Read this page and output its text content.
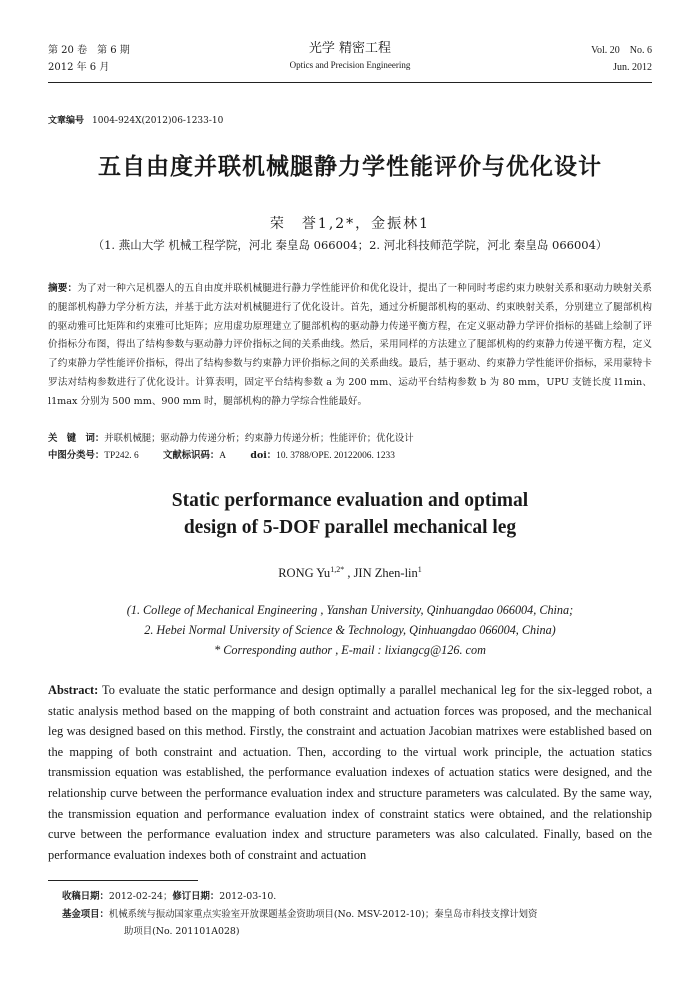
第 20 卷　第 6 期
2012 年 6 月
光学 精密工程
Optics and Precision Engineering
Vol. 20　No. 6
Jun. 2012
文章编号 1004-924X(2012)06-1233-10
五自由度并联机械腿静力学性能评价与优化设计
荣　誉1,2*，金振林1
（1. 燕山大学 机械工程学院，河北 秦皇岛 066004；2. 河北科技师范学院，河北 秦皇岛 066004）
摘要：为了对一种六足机器人的五自由度并联机械腿进行静力学性能评价和优化设计，提出了一种同时考虑约束力映射关系和驱动力映射关系的腿部机构静力学分析方法，并基于此方法对机械腿进行了优化设计。首先，通过分析腿部机构的驱动、约束映射关系，分别建立了腿部机构的驱动雅可比矩阵和约束雅可比矩阵；应用虚功原理建立了腿部机构的驱动静力传递平衡方程，在定义驱动静力学评价指标的基础上绘制了评价指标分布图，得出了结构参数与驱动静力评价指标之间的关系曲线。然后，采用同样的方法建立了腿部机构的约束静力传递平衡方程，定义了约束静力学性能评价指标，得出了结构参数与约束静力评价指标之间的关系曲线。最后，基于驱动、约束静力学性能评价指标，采用蒙特卡罗法对结构参数进行了优化设计。计算表明，固定平台结构参数 a 为 200 mm、运动平台结构参数 b 为 80 mm，UPU 支链长度 l1min、l1max 分别为 500 mm、900 mm 时，腿部机构的静力学综合性能最好。
关　键　词：并联机械腿；驱动静力传递分析；约束静力传递分析；性能评价；优化设计
中图分类号：TP242. 6	文献标识码：A	doi：10. 3788/OPE. 20122006. 1233
Static performance evaluation and optimal
design of 5-DOF parallel mechanical leg
RONG $Yu^{1,2*}$ , JIN Zhen-lin$^1$
(1. College of Mechanical Engineering , Yanshan University, Qinhuangdao 066004, China;
2. Hebei Normal University of Science & Technology, Qinhuangdao 066004, China)
* Corresponding author , E-mail : lixiangcg@126. com
Abstract: To evaluate the static performance and design optimally a parallel mechanical leg for the six-legged robot, a static analysis method based on the mapping of both constraint and actuation forces was proposed, and the mechanical leg was designed based on this method. Firstly, the constraint and actuation Jacobian matrixes were established based on the mapping of both constraint and actuation. Then, according to the virtual work principle, the actuation statics transmission equation was established, the performance evaluation indexes of actuation statics were designed, and the relationship curve between the performance evaluation index and structure parameters was calculated. By the same way, the transmission equation and performance evaluation index of constraint statics were obtained, and the relationship curve between the performance evaluation index and structure parameters was also calculated. Finally, based on the performance evaluation indexes both of constraint and actuation
收稿日期：2012-02-24；修订日期：2012-03-10.
基金项目：机械系统与振动国家重点实验室开放课题基金资助项目(No. MSV-2012-10)；秦皇岛市科技支撑计划资
助项目(No. 201101A028)
